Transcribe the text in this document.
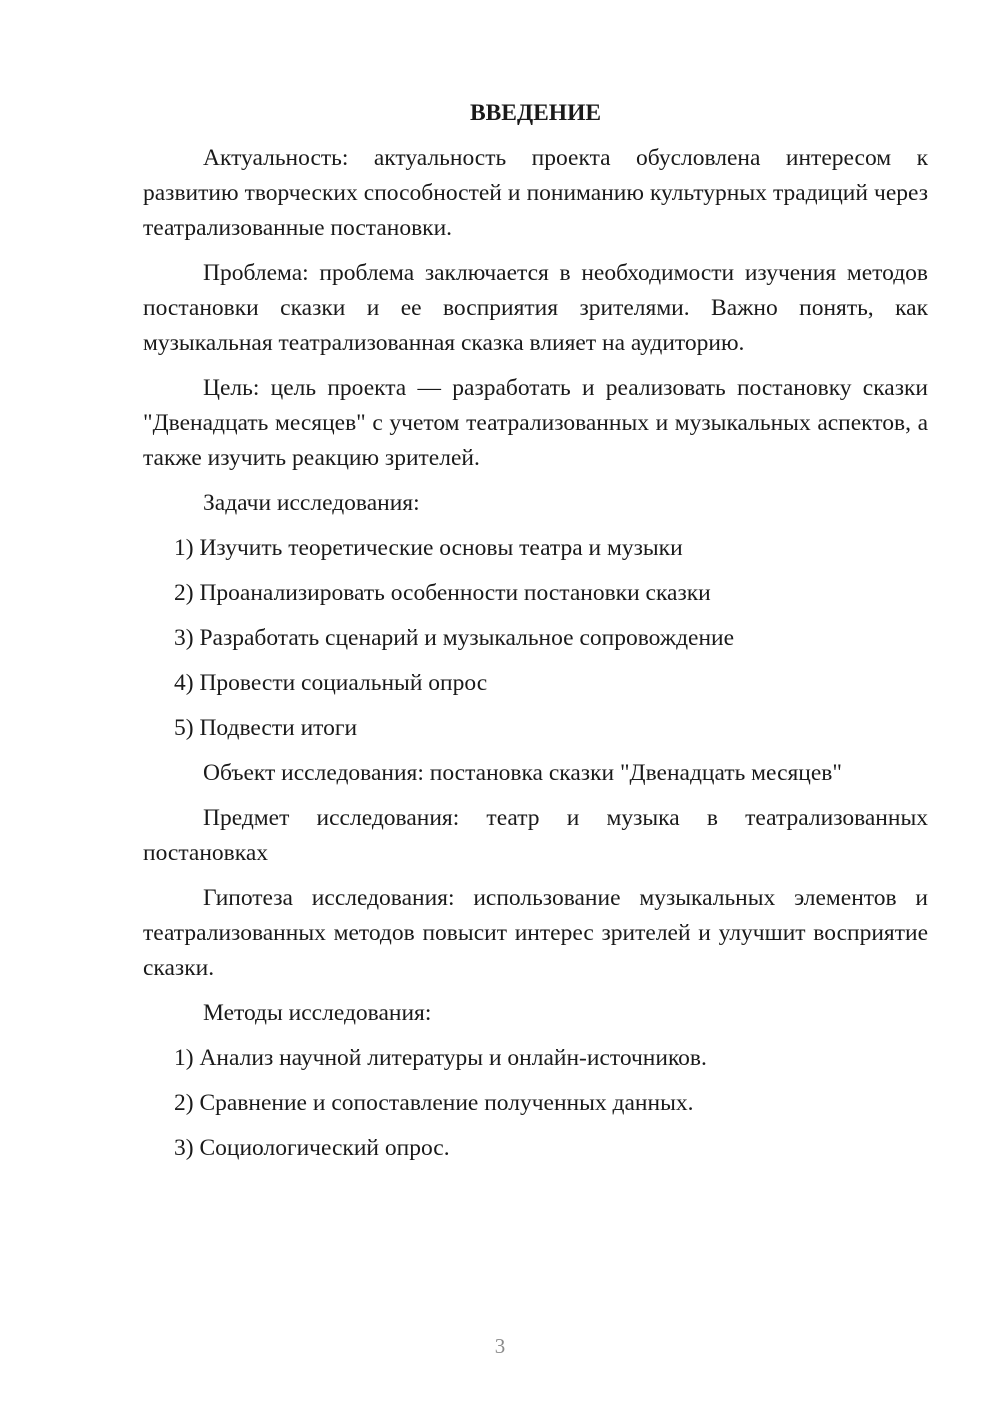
ВВЕДЕНИЕ

Актуальность: актуальность проекта обусловлена интересом к развитию творческих способностей и пониманию культурных традиций через театрализованные постановки.

Проблема: проблема заключается в необходимости изучения методов постановки сказки и ее восприятия зрителями. Важно понять, как музыкальная театрализованная сказка влияет на аудиторию.

Цель: цель проекта — разработать и реализовать постановку сказки "Двенадцать месяцев" с учетом театрализованных и музыкальных аспектов, а также изучить реакцию зрителей.

Задачи исследования:

1) Изучить теоретические основы театра и музыки

2) Проанализировать особенности постановки сказки

3) Разработать сценарий и музыкальное сопровождение

4) Провести социальный опрос

5) Подвести итоги

Объект исследования: постановка сказки "Двенадцать месяцев"

Предмет исследования: театр и музыка в театрализованных постановках

Гипотеза исследования: использование музыкальных элементов и театрализованных методов повысит интерес зрителей и улучшит восприятие сказки.

Методы исследования:

1) Анализ научной литературы и онлайн-источников.

2) Сравнение и сопоставление полученных данных.

3) Социологический опрос.

3
